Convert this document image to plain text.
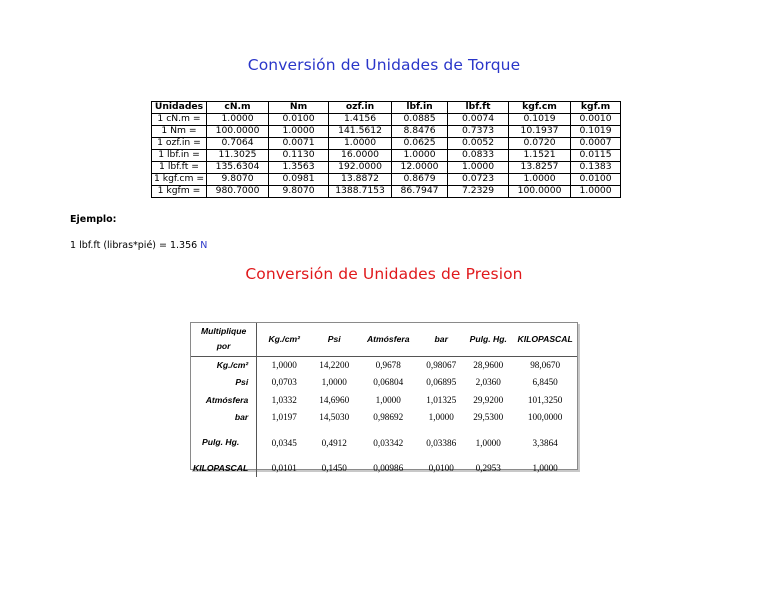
Conversión de Unidades de Torque
Unidades	cN.m	Nm	ozf.in	lbf.in	lbf.ft	kgf.cm	kgf.m
1 cN.m =	1.0000	0.0100	1.4156	0.0885	0.0074	0.1019	0.0010
1 Nm =	100.0000	1.0000	141.5612	8.8476	0.7373	10.1937	0.1019
1 ozf.in =	0.7064	0.0071	1.0000	0.0625	0.0052	0.0720	0.0007
1 lbf.in =	11.3025	0.1130	16.0000	1.0000	0.0833	1.1521	0.0115
1 lbf.ft =	135.6304	1.3563	192.0000	12.0000	1.0000	13.8257	0.1383
1 kgf.cm =	9.8070	0.0981	13.8872	0.8679	0.0723	1.0000	0.0100
1 kgfm =	980.7000	9.8070	1388.7153	86.7947	7.2329	100.0000	1.0000
Ejemplo:
1 lbf.ft (libras*pié) = 1.356 N
Conversión de Unidades de Presion
Multiplique por	Kg./cm²	Psi	Atmósfera	bar	Pulg. Hg.	KILOPASCAL
Kg./cm²	1,0000	14,2200	0,9678	0,98067	28,9600	98,0670
Psi	0,0703	1,0000	0,06804	0,06895	2,0360	6,8450
Atmósfera	1,0332	14,6960	1,0000	1,01325	29,9200	101,3250
bar	1,0197	14,5030	0,98692	1,0000	29,5300	100,0000
Pulg. Hg.	0,0345	0,4912	0,03342	0,03386	1,0000	3,3864
KILOPASCAL	0,0101	0,1450	0,00986	0,0100	0,2953	1,0000
